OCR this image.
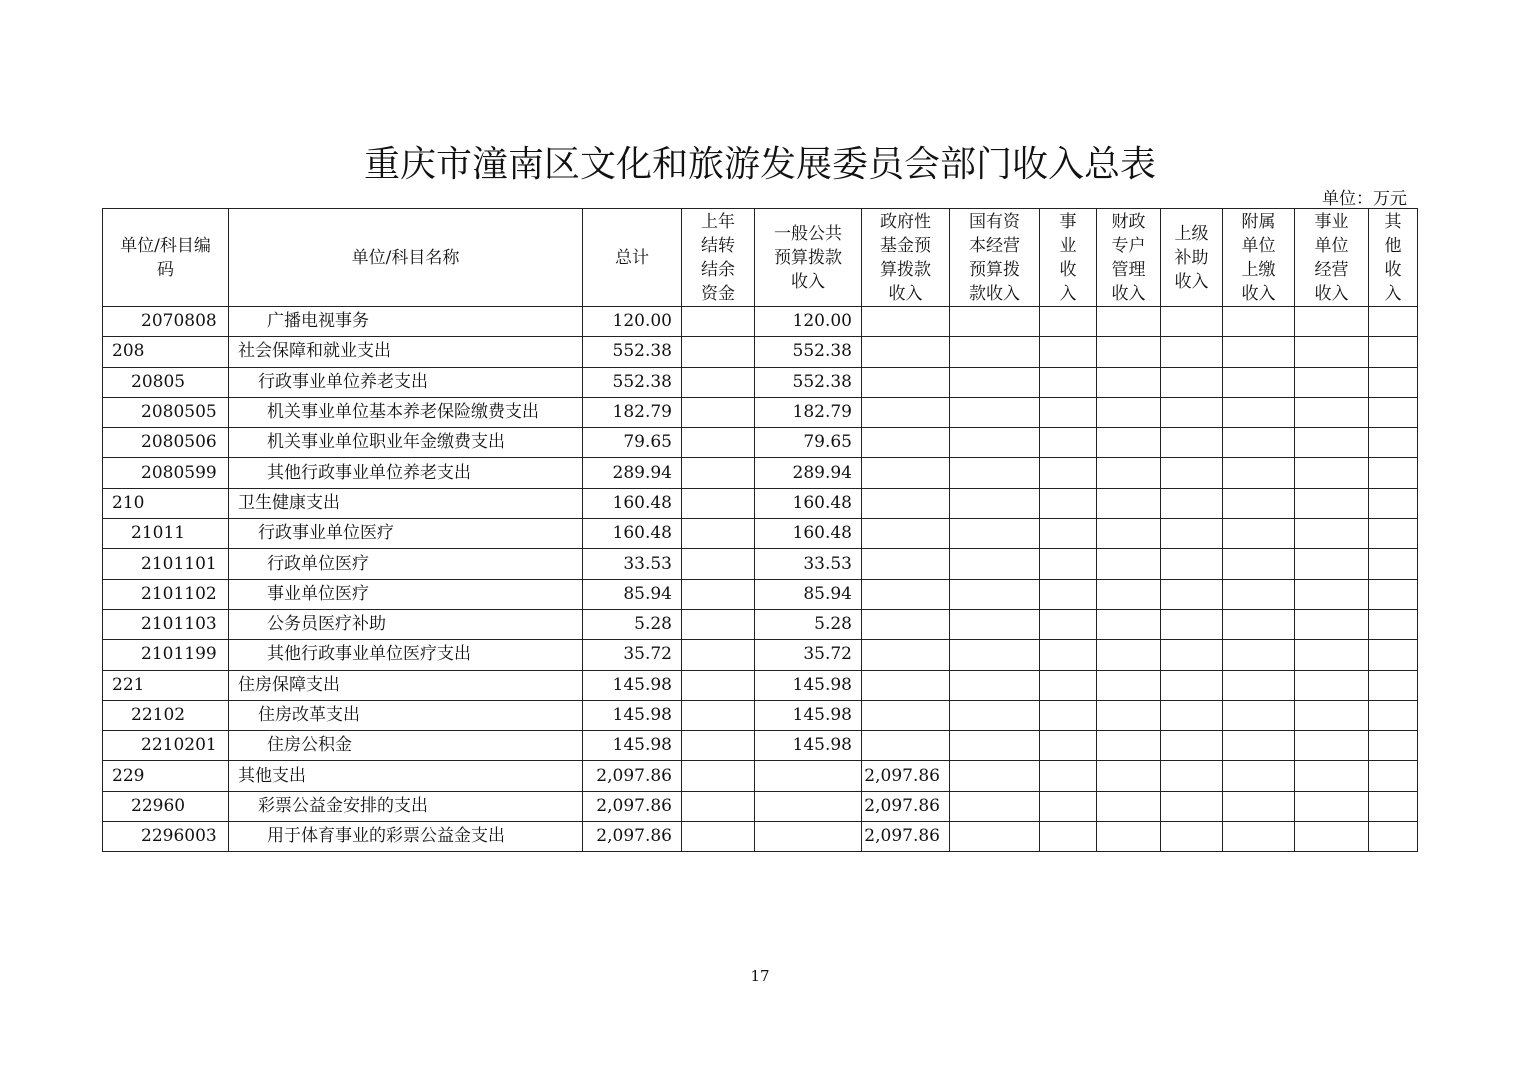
重庆市潼南区文化和旅游发展委员会部门收入总表
单位：万元
单位/科目编码	单位/科目名称	总计	上年结转结余资金	一般公共预算拨款收入	政府性基金预算拨款收入	国有资本经营预算拨款收入	事业收入	财政专户管理收入	上级补助收入	附属单位上缴收入	事业单位经营收入	其他收入

2070808	广播电视事务	120.00		120.00								
208	社会保障和就业支出	552.38		552.38								
20805	行政事业单位养老支出	552.38		552.38								
2080505	机关事业单位基本养老保险缴费支出	182.79		182.79								
2080506	机关事业单位职业年金缴费支出	79.65		79.65								
2080599	其他行政事业单位养老支出	289.94		289.94								
210	卫生健康支出	160.48		160.48								
21011	行政事业单位医疗	160.48		160.48								
2101101	行政单位医疗	33.53		33.53								
2101102	事业单位医疗	85.94		85.94								
2101103	公务员医疗补助	5.28		5.28								
2101199	其他行政事业单位医疗支出	35.72		35.72								
221	住房保障支出	145.98		145.98								
22102	住房改革支出	145.98		145.98								
2210201	住房公积金	145.98		145.98								
229	其他支出	2,097.86			2,097.86							
22960	彩票公益金安排的支出	2,097.86			2,097.86							
2296003	用于体育事业的彩票公益金支出	2,097.86			2,097.86							
17
